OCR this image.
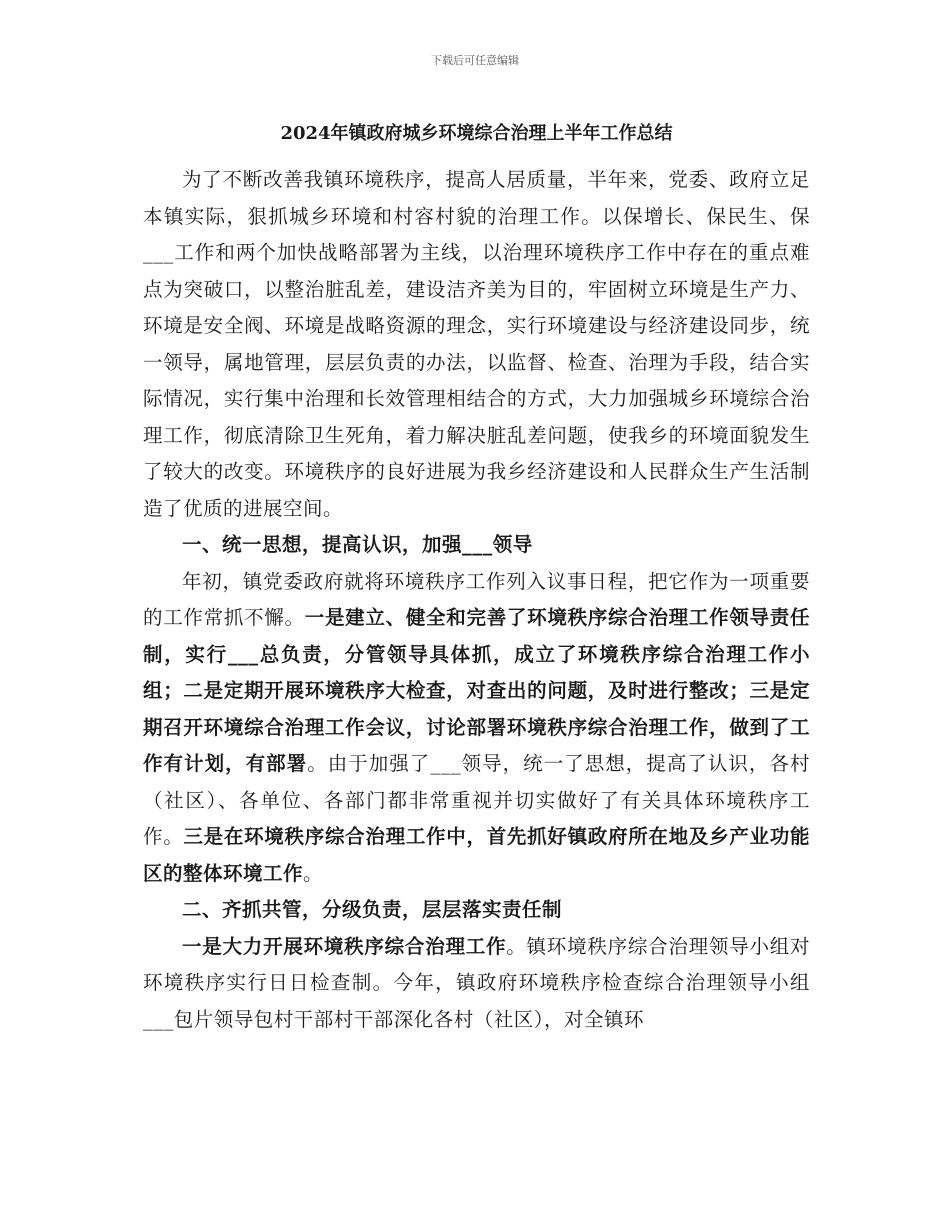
下载后可任意编辑
2024年镇政府城乡环境综合治理上半年工作总结

为了不断改善我镇环境秩序，提高人居质量，半年来，党委、政府立足本镇实际，狠抓城乡环境和村容村貌的治理工作。以保增长、保民生、保___工作和两个加快战略部署为主线，以治理环境秩序工作中存在的重点难点为突破口，以整治脏乱差，建设洁齐美为目的，牢固树立环境是生产力、环境是安全阀、环境是战略资源的理念，实行环境建设与经济建设同步，统一领导，属地管理，层层负责的办法，以监督、检查、治理为手段，结合实际情况，实行集中治理和长效管理相结合的方式，大力加强城乡环境综合治理工作，彻底清除卫生死角，着力解决脏乱差问题，使我乡的环境面貌发生了较大的改变。环境秩序的良好进展为我乡经济建设和人民群众生产生活制造了优质的进展空间。

一、统一思想，提高认识，加强___领导

年初，镇党委政府就将环境秩序工作列入议事日程，把它作为一项重要的工作常抓不懈。一是建立、健全和完善了环境秩序综合治理工作领导责任制，实行___总负责，分管领导具体抓，成立了环境秩序综合治理工作小组；二是定期开展环境秩序大检查，对查出的问题，及时进行整改；三是定期召开环境综合治理工作会议，讨论部署环境秩序综合治理工作，做到了工作有计划，有部署。由于加强了___领导，统一了思想，提高了认识，各村（社区）、各单位、各部门都非常重视并切实做好了有关具体环境秩序工作。三是在环境秩序综合治理工作中，首先抓好镇政府所在地及乡产业功能区的整体环境工作。

二、齐抓共管，分级负责，层层落实责任制

一是大力开展环境秩序综合治理工作。镇环境秩序综合治理领导小组对环境秩序实行日日检查制。今年，镇政府环境秩序检查综合治理领导小组___包片领导包村干部村干部深化各村（社区），对全镇环
